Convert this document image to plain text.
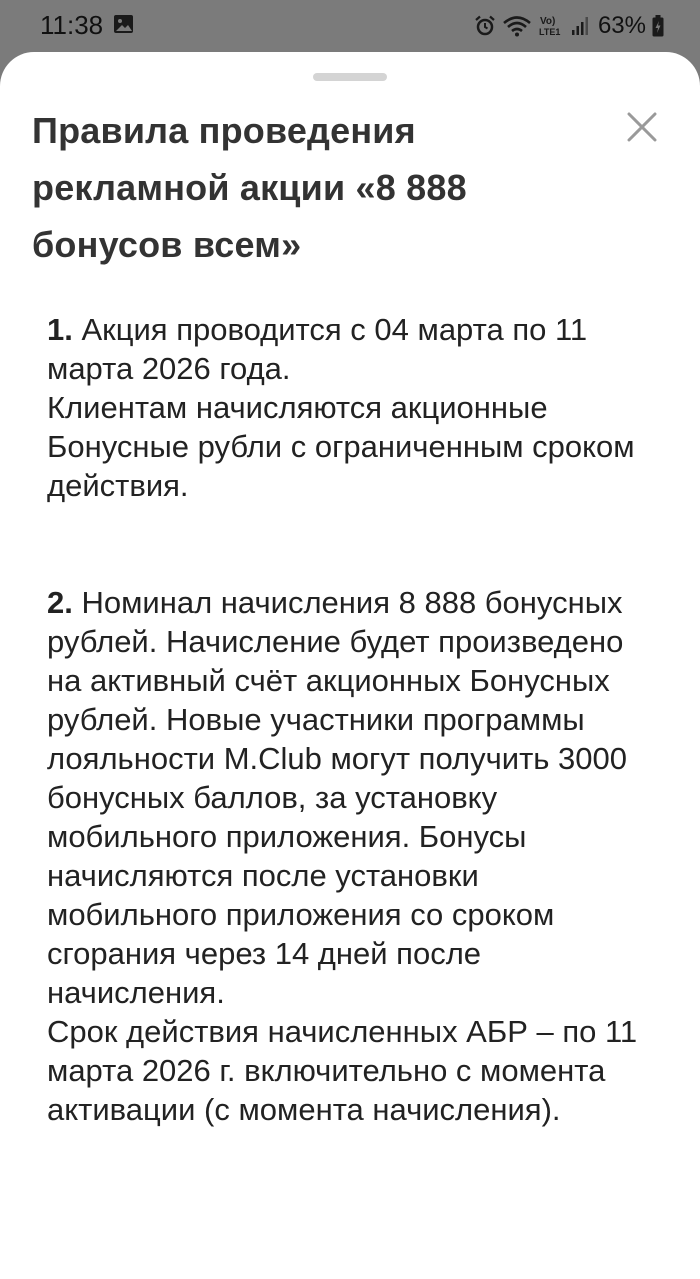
11:38	Vo)
LTE1 63%
Правила проведения рекламной акции «8 888 бонусов всем»

1. Акция проводится с 04 марта по 11 марта 2026 года.

Клиентам начисляются акционные Бонусные рубли с ограниченным сроком действия.

2. Номинал начисления 8 888 бонусных рублей. Начисление будет произведено на активный счёт акционных Бонусных рублей. Новые участники программы лояльности M.Club могут получить 3000 бонусных баллов, за установку мобильного приложения. Бонусы начисляются после установки мобильного приложения со сроком сгорания через 14 дней после начисления.

Срок действия начисленных АБР – по 11 марта 2026 г. включительно с момента активации (с момента начисления).
